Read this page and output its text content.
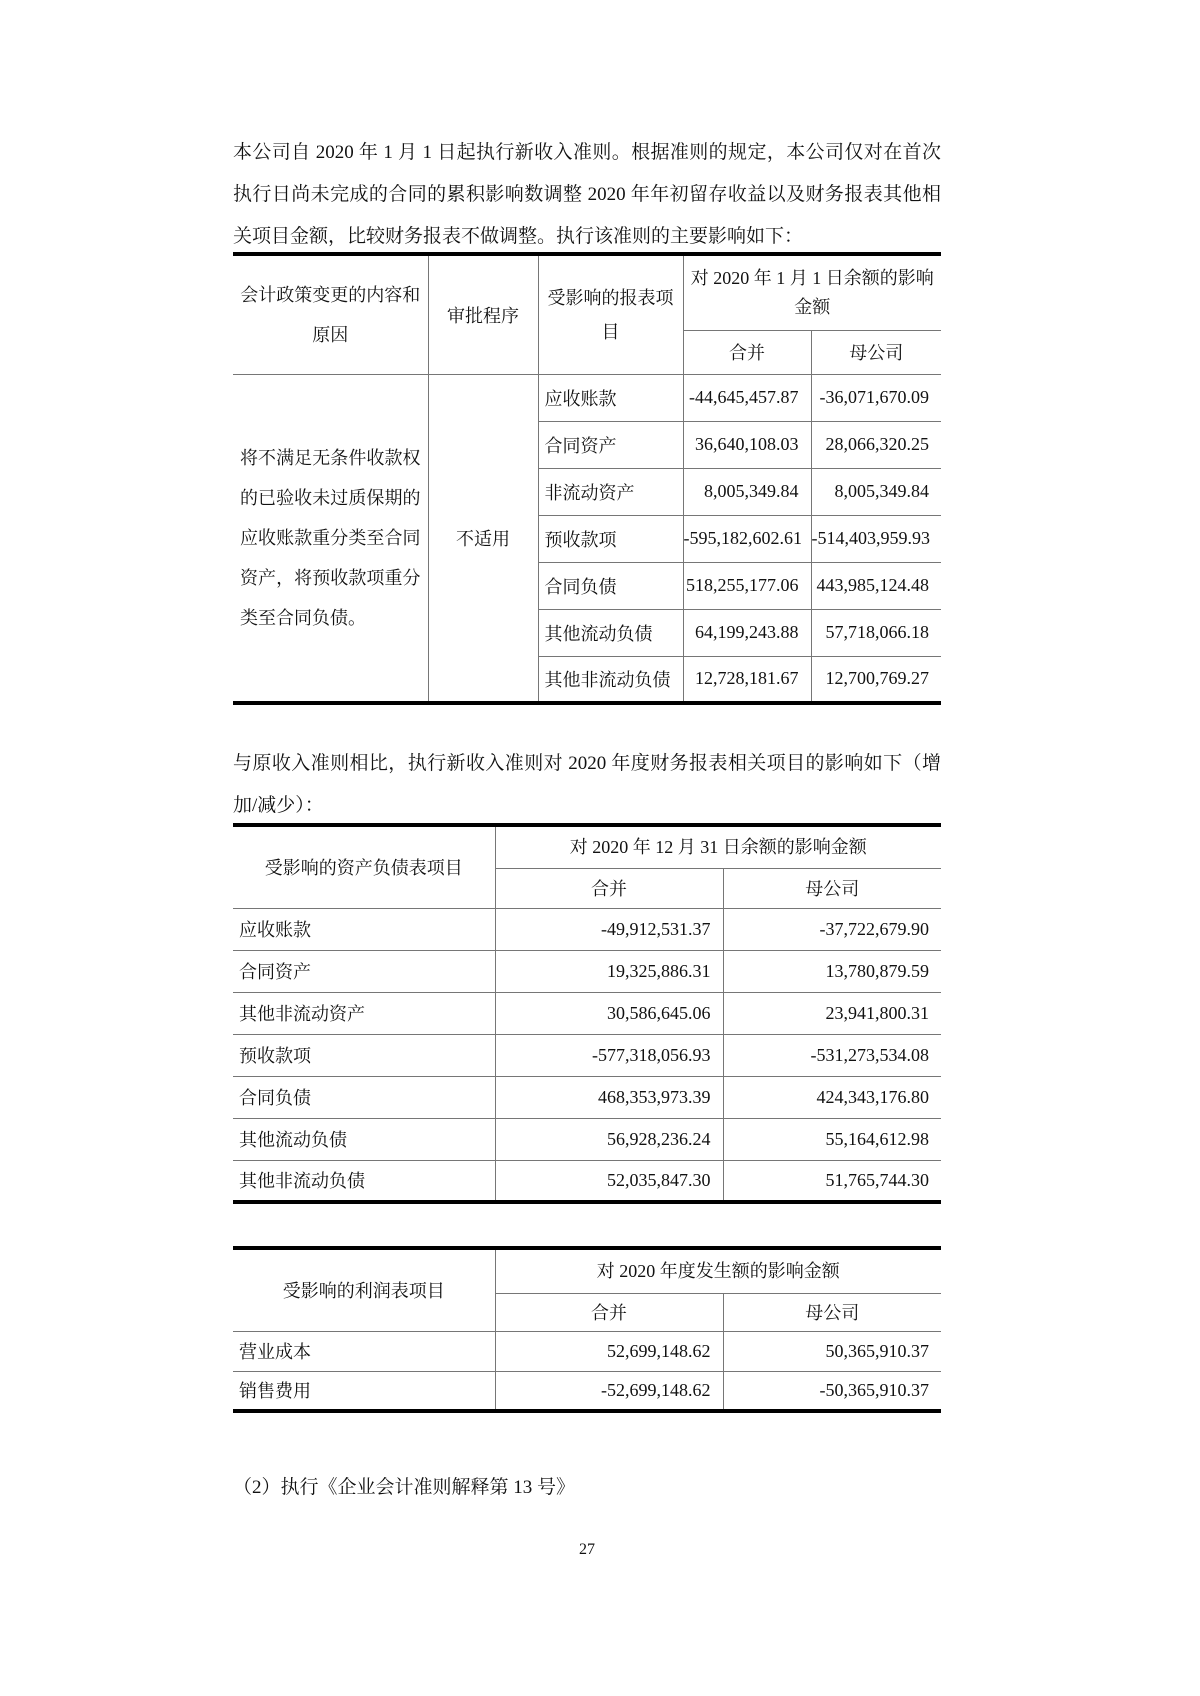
本公司自 2020 年 1 月 1 日起执行新收入准则。根据准则的规定，本公司仅对在首次执行日尚未完成的合同的累积影响数调整 2020 年年初留存收益以及财务报表其他相关项目金额，比较财务报表不做调整。执行该准则的主要影响如下：

会计政策变更的内容和原因	审批程序	受影响的报表项目	对 2020 年 1 月 1 日余额的影响金额	
			合并	母公司
将不满足无条件收款权的已验收未过质保期的应收账款重分类至合同资产，将预收款项重分类至合同负债。	不适用	应收账款	-44,645,457.87	-36,071,670.09
		合同资产	36,640,108.03	28,066,320.25
		非流动资产	8,005,349.84	8,005,349.84
		预收款项	-595,182,602.61	-514,403,959.93
		合同负债	518,255,177.06	443,985,124.48
		其他流动负债	64,199,243.88	57,718,066.18
		其他非流动负债	12,728,181.67	12,700,769.27

与原收入准则相比，执行新收入准则对 2020 年度财务报表相关项目的影响如下（增加/减少）：

受影响的资产负债表项目	对 2020 年 12 月 31 日余额的影响金额	
	合并	母公司
应收账款	-49,912,531.37	-37,722,679.90
合同资产	19,325,886.31	13,780,879.59
其他非流动资产	30,586,645.06	23,941,800.31
预收款项	-577,318,056.93	-531,273,534.08
合同负债	468,353,973.39	424,343,176.80
其他流动负债	56,928,236.24	55,164,612.98
其他非流动负债	52,035,847.30	51,765,744.30
受影响的利润表项目	对 2020 年度发生额的影响金额	
	合并	母公司
营业成本	52,699,148.62	50,365,910.37
销售费用	-52,699,148.62	-50,365,910.37
（2）执行《企业会计准则解释第 13 号》
27
